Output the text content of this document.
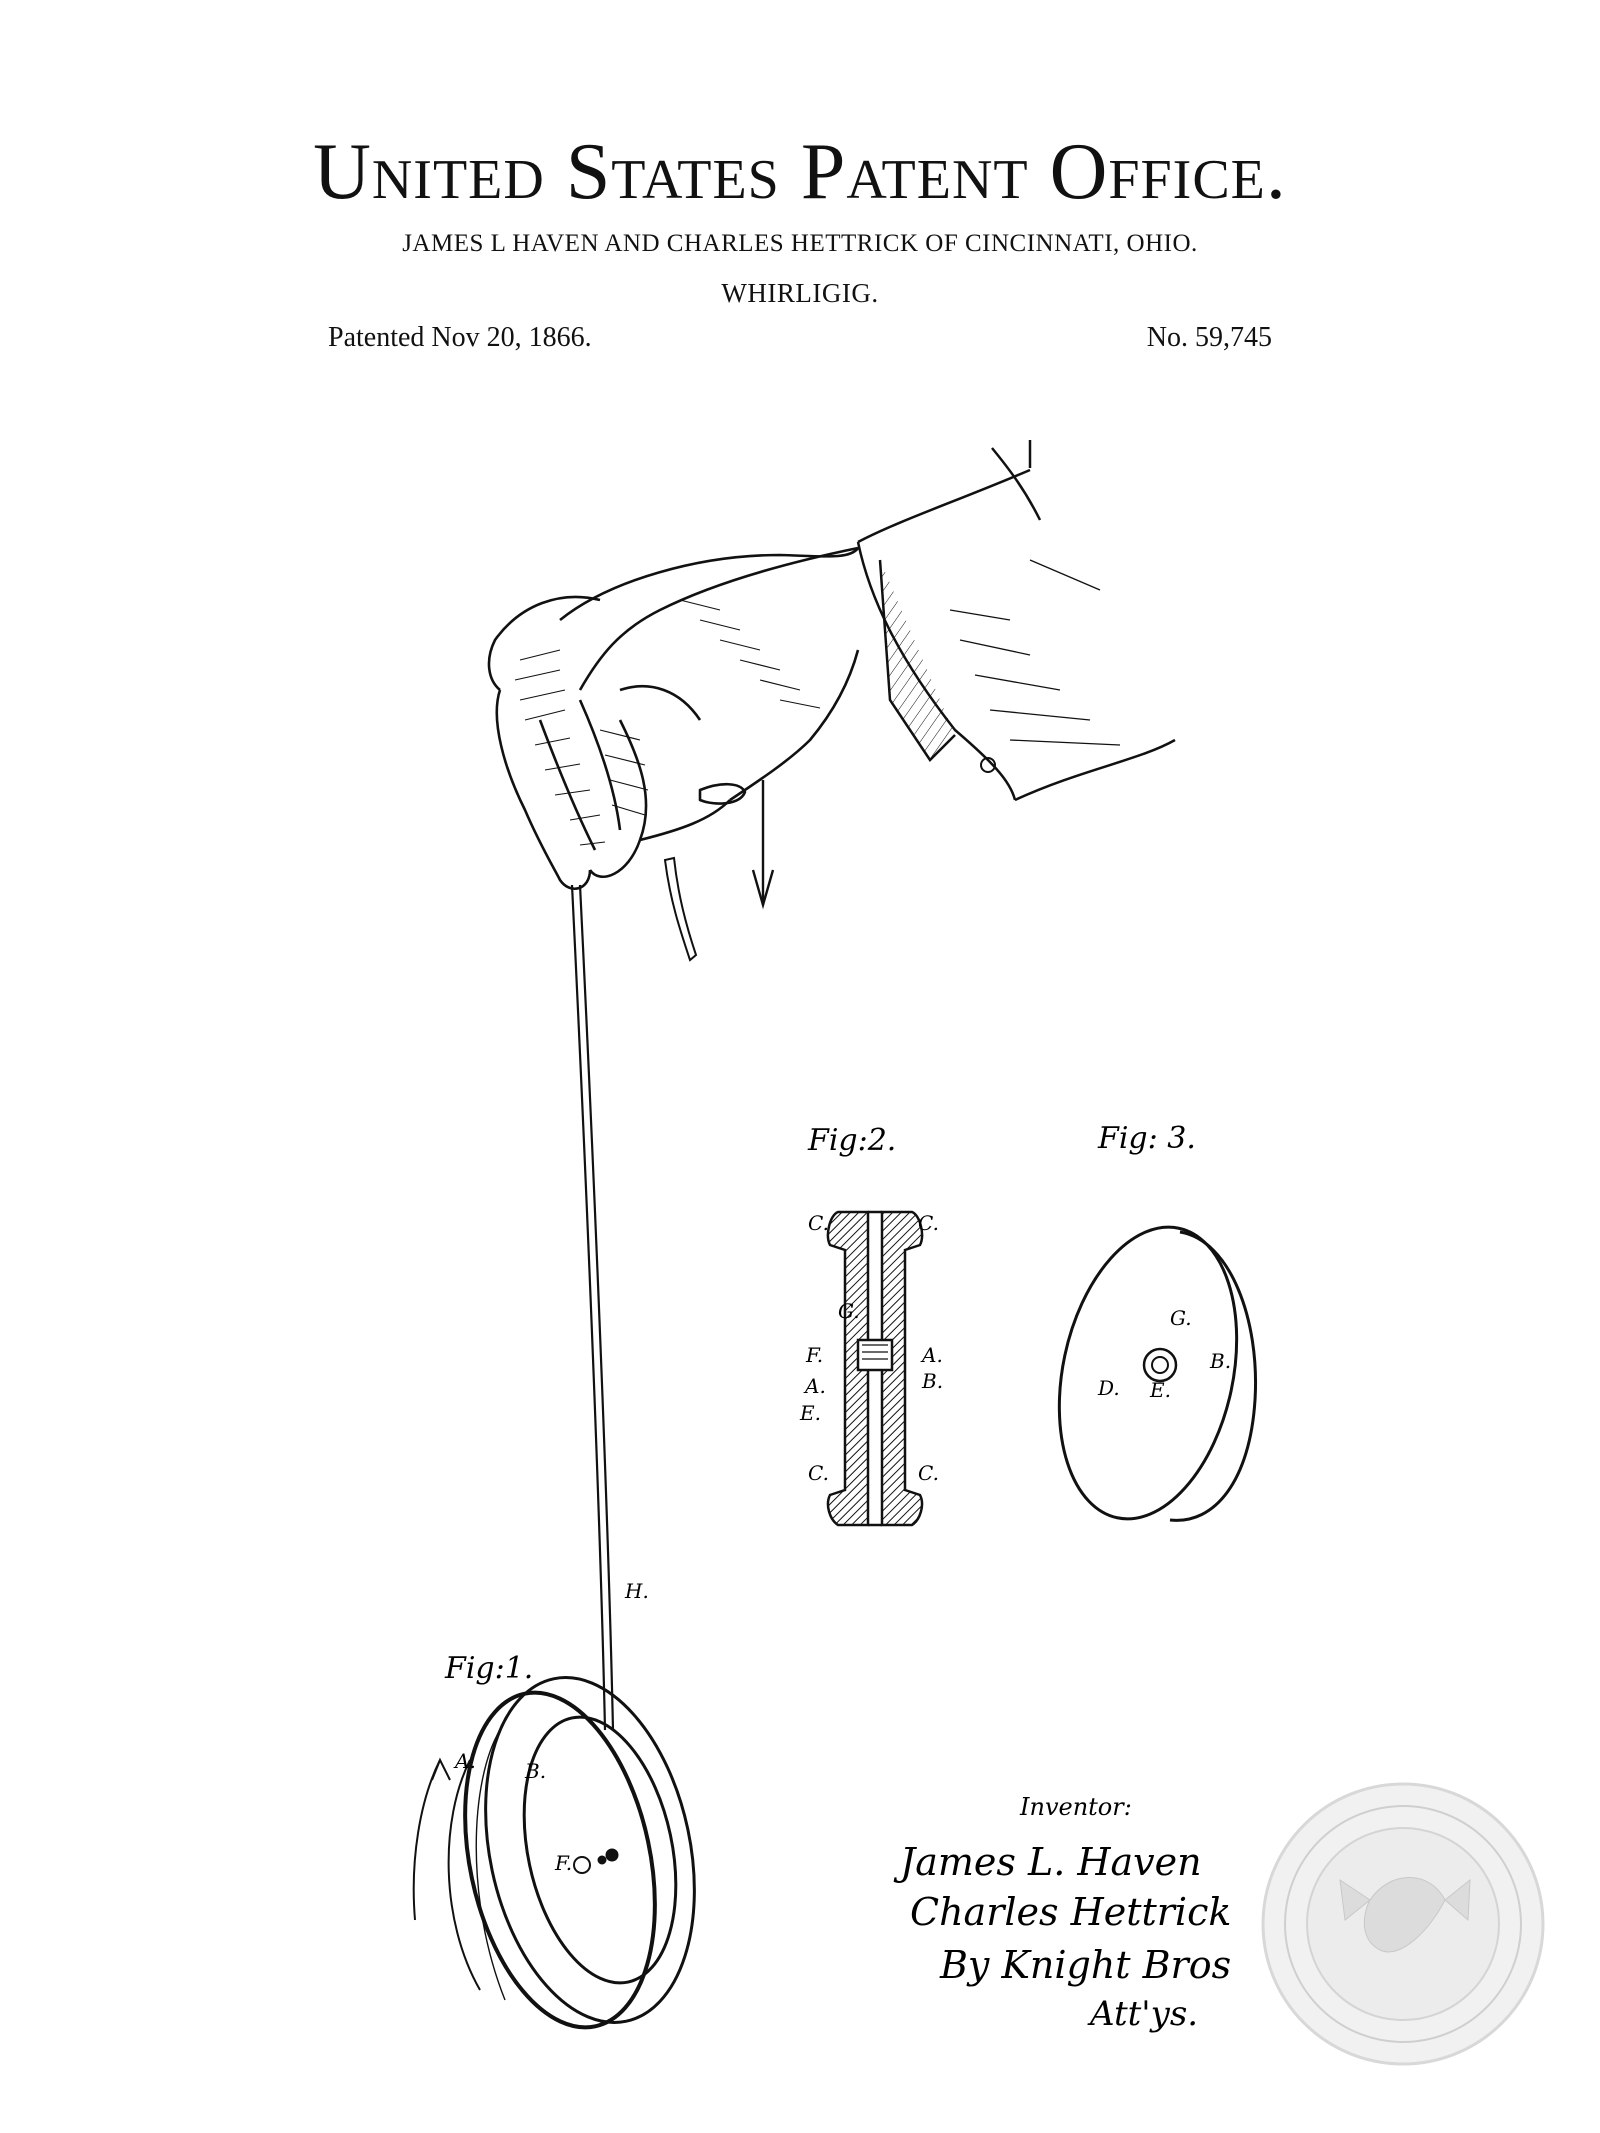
United States Patent Office.
JAMES L HAVEN AND CHARLES HETTRICK OF CINCINNATI, OHIO.
WHIRLIGIG.
Patented Nov 20, 1866.	No. 59,745
Fig:1.
Fig:2.	Fig: 3.
H.
A. B.
F.
C.	C.
G.
F.	A.
A.	B.
E.
C.	C.
G.
B.
D. E.
Inventor:
James L. Haven
Charles Hettrick
By Knight Bros
Att'ys.
